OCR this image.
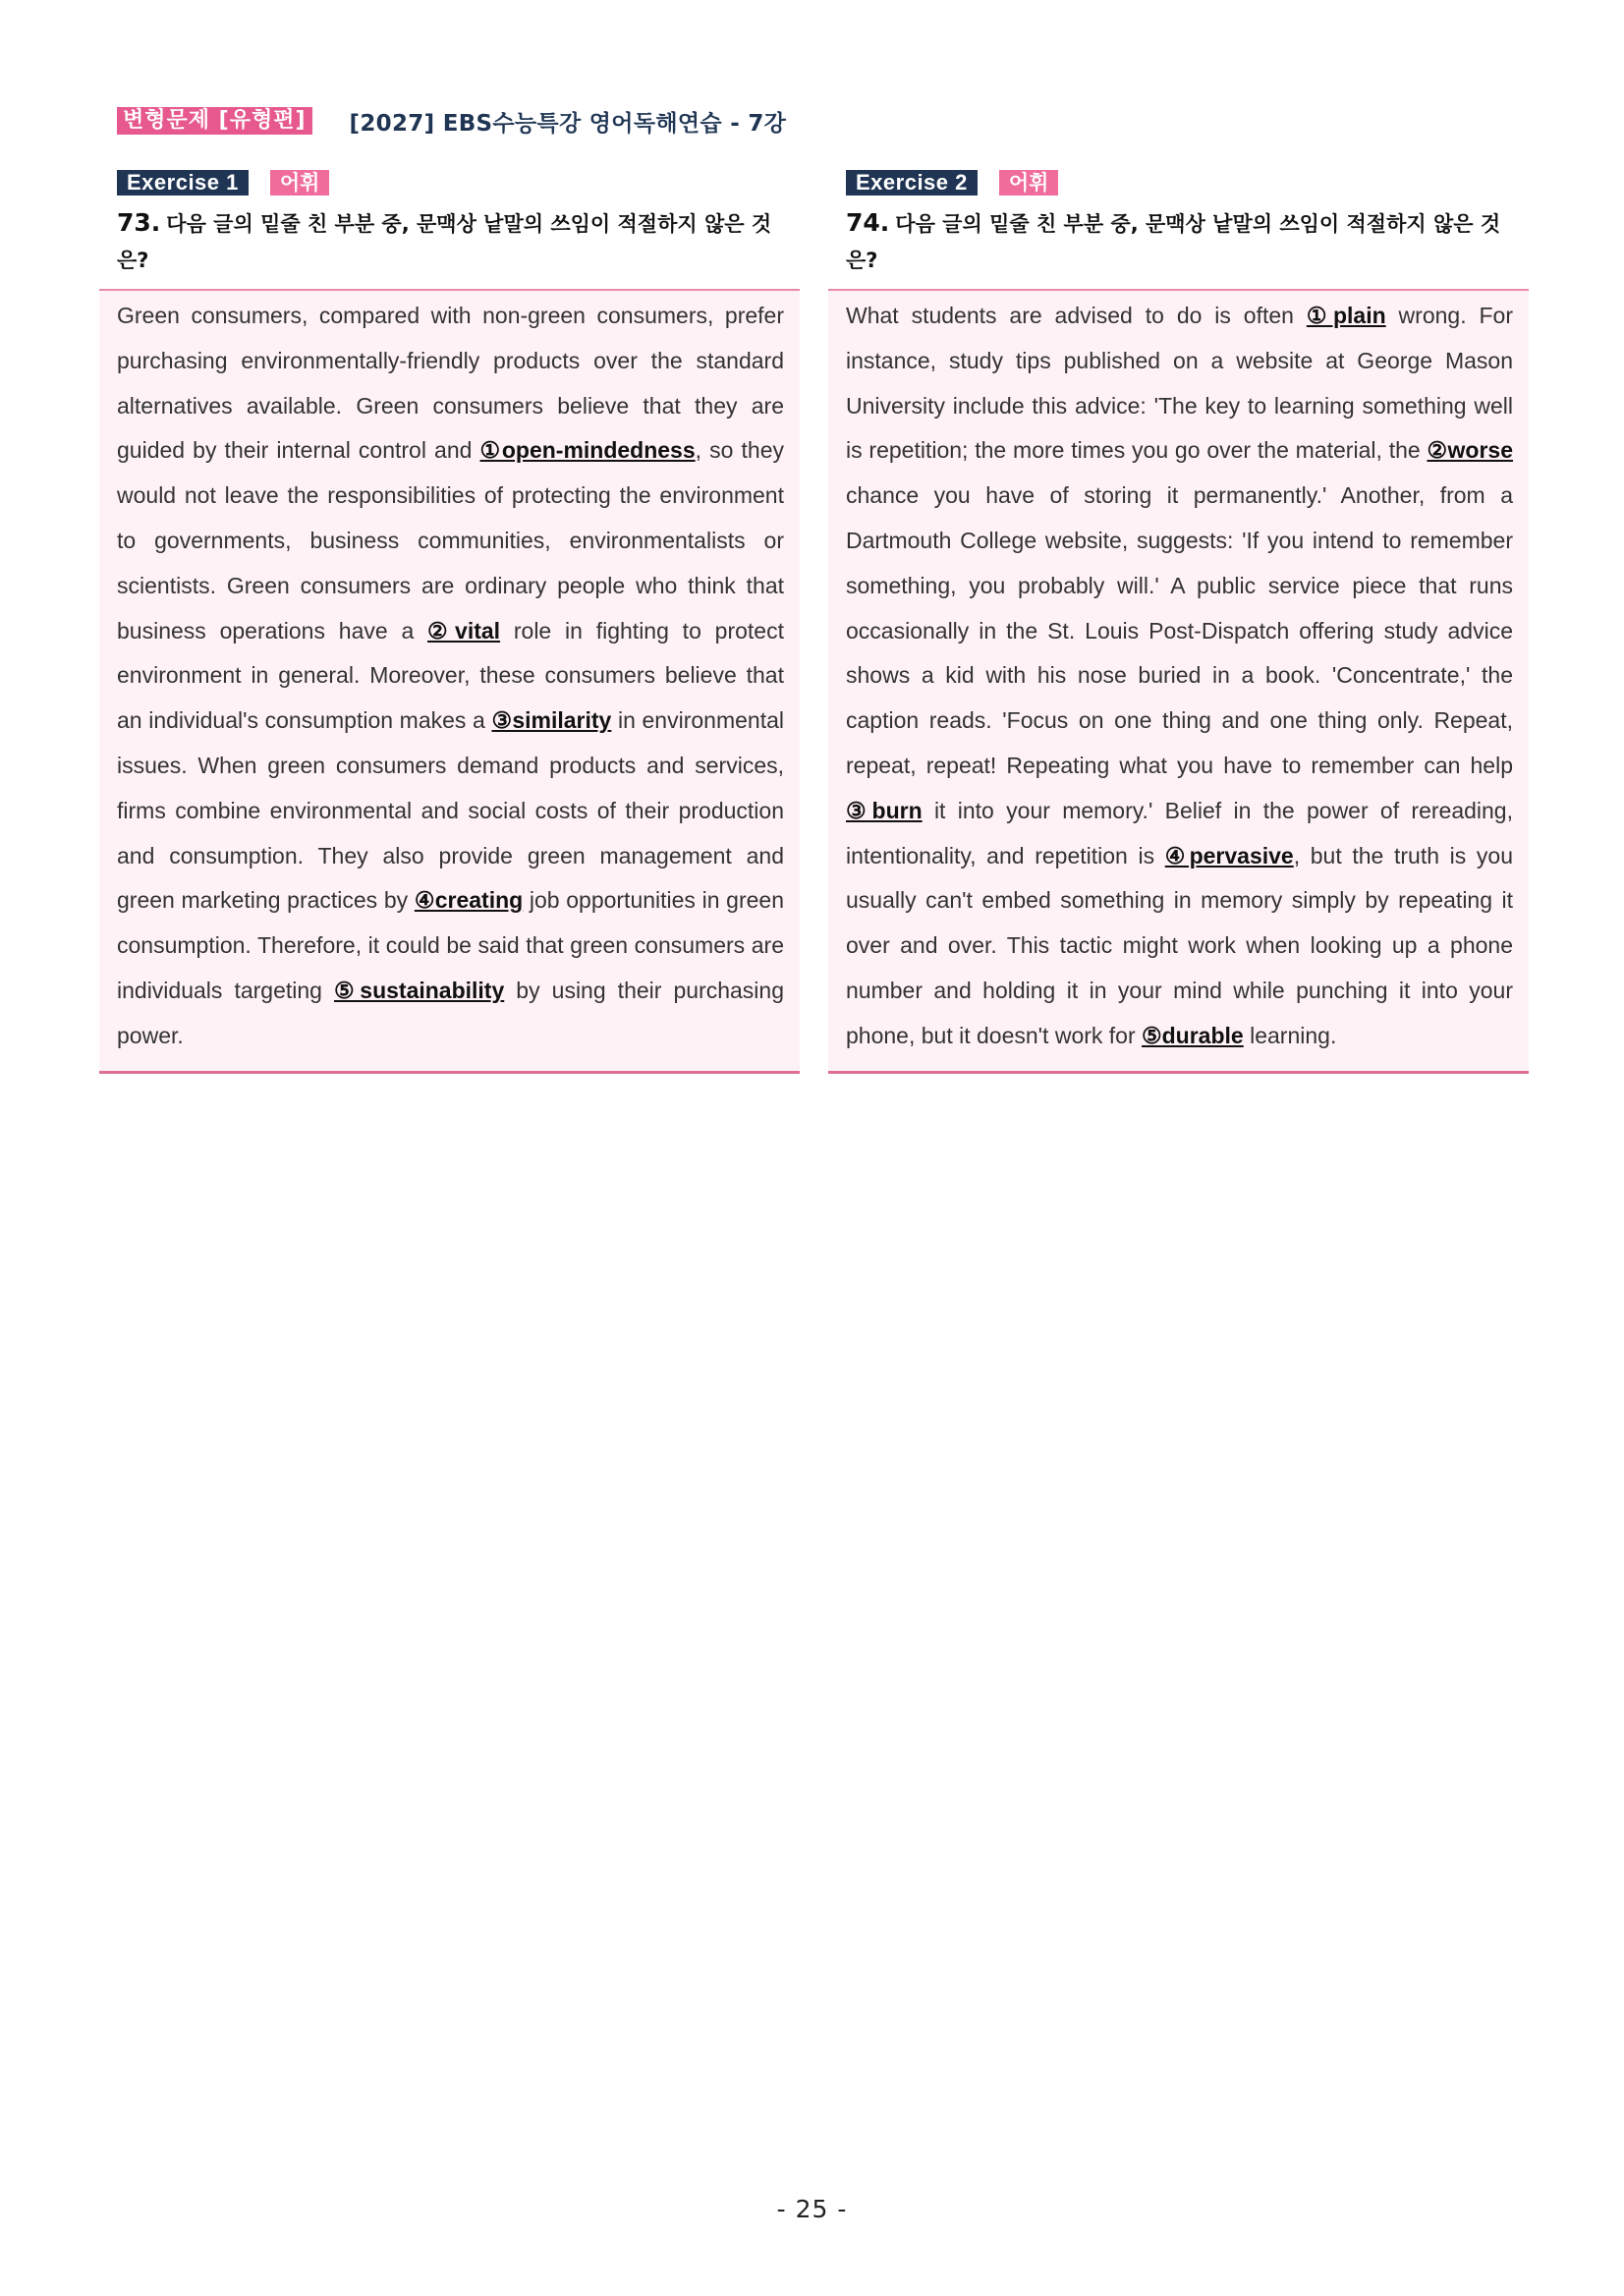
변형문제 [유형편] [2027] EBS수능특강 영어독해연습 - 7강
Exercise 1	어휘
73. 다음 글의 밑줄 친 부분 중, 문맥상 낱말의 쓰임이 적절하지 않은 것은?

Green consumers, compared with non-green consumers, prefer purchasing environmentally-friendly products over the standard alternatives available. Green consumers believe that they are guided by their internal control and ①open-mindedness, so they would not leave the responsibilities of protecting the environment to governments, business communities, environmentalists or scientists. Green consumers are ordinary people who think that business operations have a ②vital role in fighting to protect environment in general. Moreover, these consumers believe that an individual's consumption makes a ③similarity in environmental issues. When green consumers demand products and services, firms combine environmental and social costs of their production and consumption. They also provide green management and green marketing practices by ④creating job opportunities in green consumption. Therefore, it could be said that green consumers are individuals targeting ⑤sustainability by using their purchasing power.

Exercise 2	어휘
74. 다음 글의 밑줄 친 부분 중, 문맥상 낱말의 쓰임이 적절하지 않은 것은?

What students are advised to do is often ①plain wrong. For instance, study tips published on a website at George Mason University include this advice: 'The key to learning something well is repetition; the more times you go over the material, the ②worse chance you have of storing it permanently.' Another, from a Dartmouth College website, suggests: 'If you intend to remember something, you probably will.' A public service piece that runs occasionally in the St. Louis Post-Dispatch offering study advice shows a kid with his nose buried in a book. 'Concentrate,' the caption reads. 'Focus on one thing and one thing only. Repeat, repeat, repeat! Repeating what you have to remember can help ③burn it into your memory.' Belief in the power of rereading, intentionality, and repetition is ④pervasive, but the truth is you usually can't embed something in memory simply by repeating it over and over. This tactic might work when looking up a phone number and holding it in your mind while punching it into your phone, but it doesn't work for ⑤durable learning.

- 25 -
